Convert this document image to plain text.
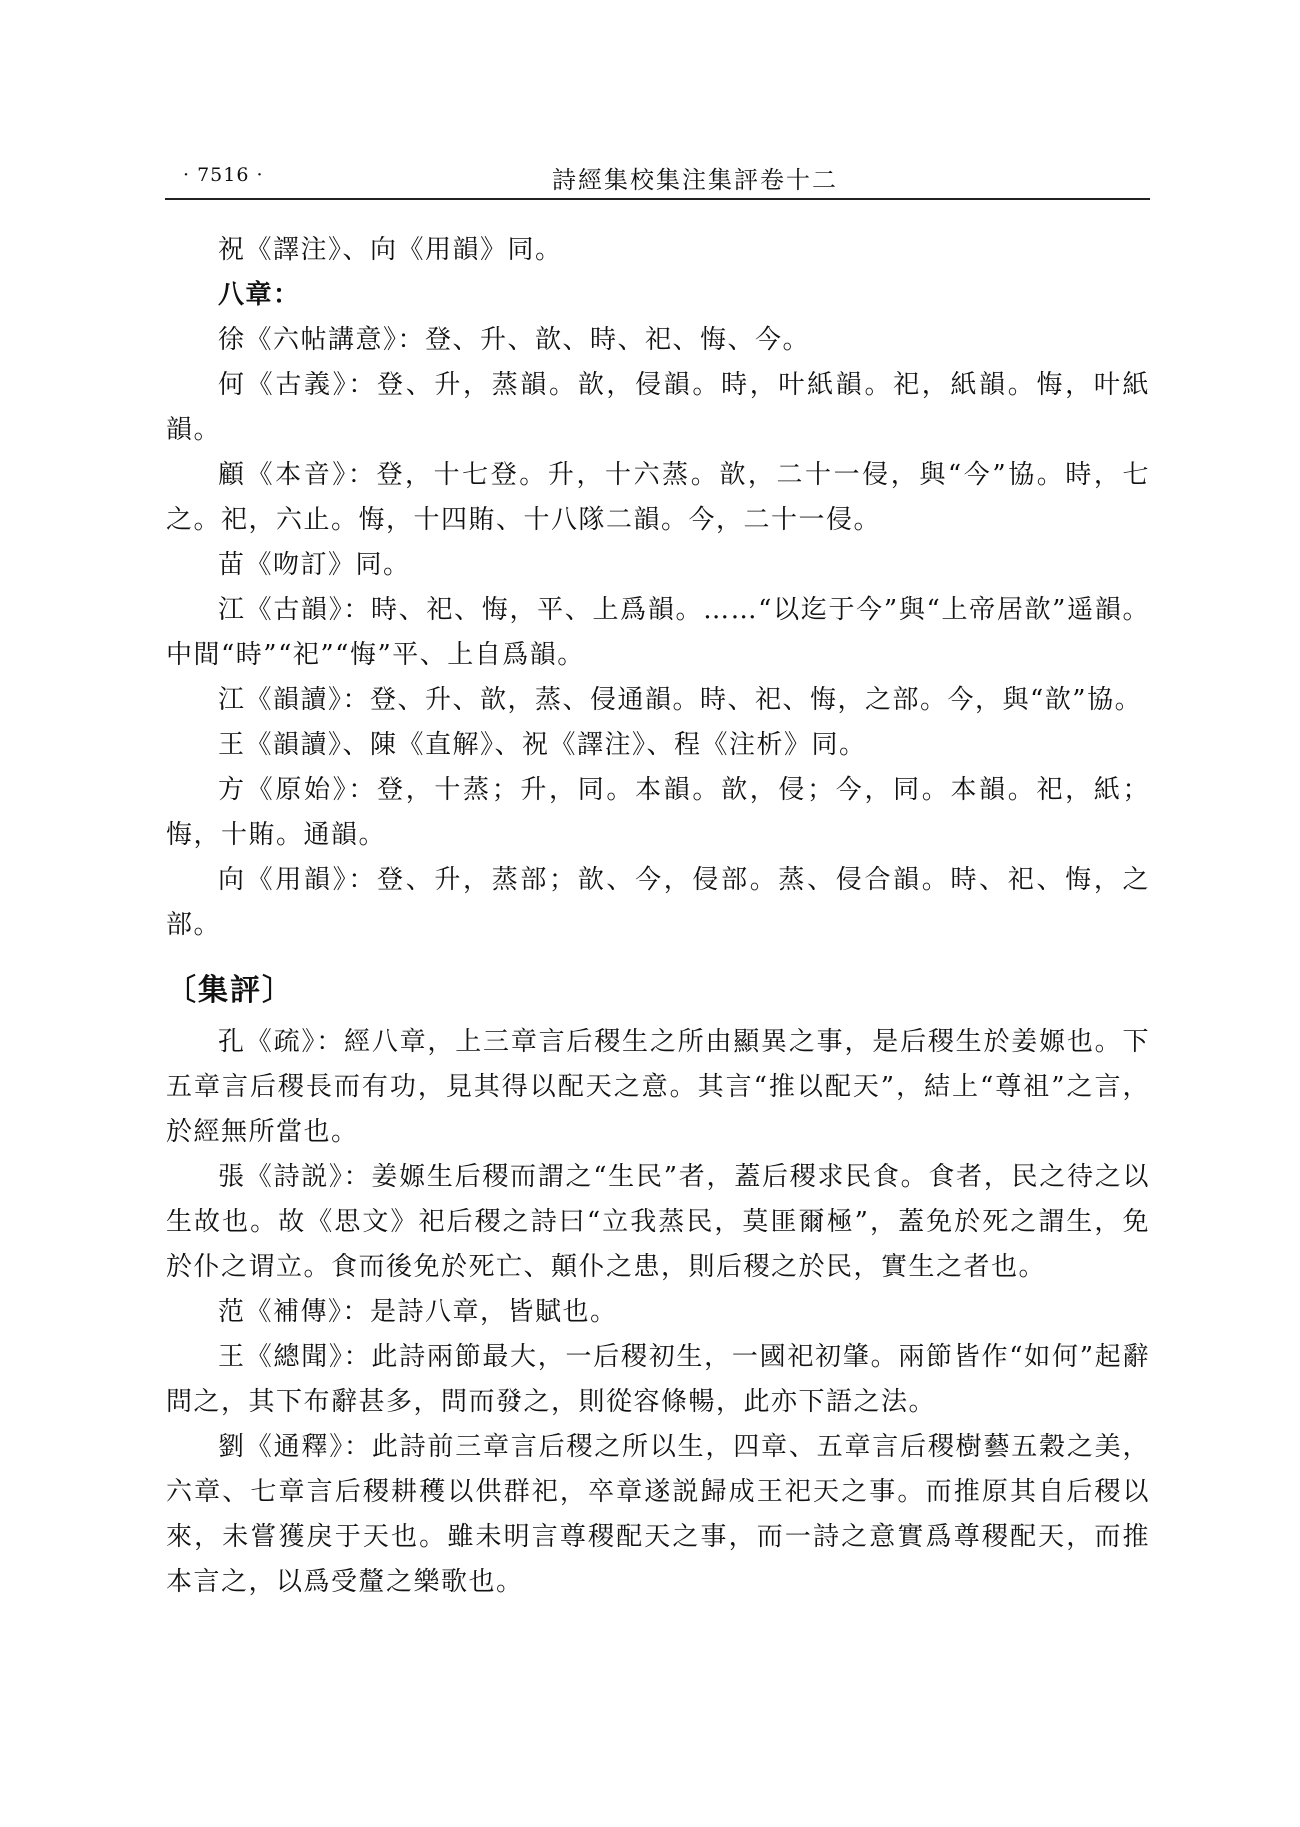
· 7516 ·	詩經集校集注集評卷十二

祝《譯注》、向《用韻》同。

八章：

徐《六帖講意》：登、升、歆、時、祀、悔、今。

何《古義》：登、升，蒸韻。歆，侵韻。時，叶紙韻。祀，紙韻。悔，叶紙韻。

顧《本音》：登，十七登。升，十六蒸。歆，二十一侵，與“今”協。時，七之。祀，六止。悔，十四賄、十八隊二韻。今，二十一侵。

苗《吻訂》同。

江《古韻》：時、祀、悔，平、上爲韻。……“以迄于今”與“上帝居歆”遥韻。中間“時”“祀”“悔”平、上自爲韻。

江《韻讀》：登、升、歆，蒸、侵通韻。時、祀、悔，之部。今，與“歆”協。

王《韻讀》、陳《直解》、祝《譯注》、程《注析》同。

方《原始》：登，十蒸；升，同。本韻。歆，侵；今，同。本韻。祀，紙；悔，十賄。通韻。

向《用韻》：登、升，蒸部；歆、今，侵部。蒸、侵合韻。時、祀、悔，之部。

〔集評〕

孔《疏》：經八章，上三章言后稷生之所由顯異之事，是后稷生於姜嫄也。下五章言后稷長而有功，見其得以配天之意。其言“推以配天”，結上“尊祖”之言，於經無所當也。

張《詩説》：姜嫄生后稷而謂之“生民”者，蓋后稷求民食。食者，民之待之以生故也。故《思文》祀后稷之詩曰“立我蒸民，莫匪爾極”，蓋免於死之謂生，免於仆之谓立。食而後免於死亡、顛仆之患，則后稷之於民，實生之者也。

范《補傳》：是詩八章，皆賦也。

王《總聞》：此詩兩節最大，一后稷初生，一國祀初肇。兩節皆作“如何”起辭問之，其下布辭甚多，問而發之，則從容條暢，此亦下語之法。

劉《通釋》：此詩前三章言后稷之所以生，四章、五章言后稷樹藝五穀之美，六章、七章言后稷耕穫以供群祀，卒章遂説歸成王祀天之事。而推原其自后稷以來，未嘗獲戾于天也。雖未明言尊稷配天之事，而一詩之意實爲尊稷配天，而推本言之，以爲受釐之樂歌也。
